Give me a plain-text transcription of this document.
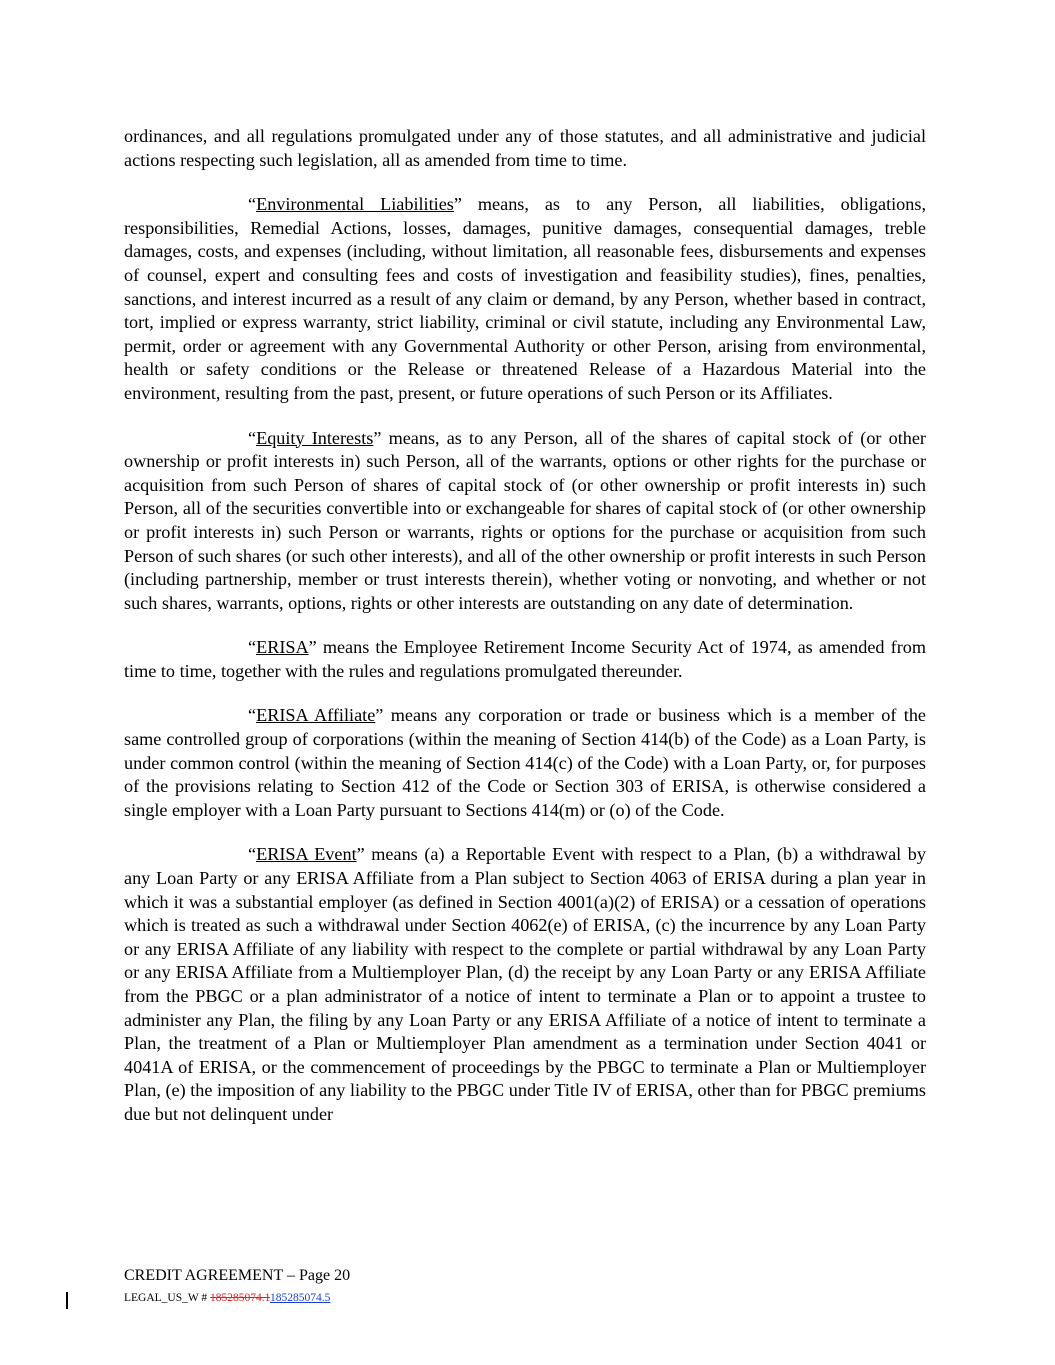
ordinances, and all regulations promulgated under any of those statutes, and all administrative and judicial actions respecting such legislation, all as amended from time to time.

“Environmental Liabilities” means, as to any Person, all liabilities, obligations, responsibilities, Remedial Actions, losses, damages, punitive damages, consequential damages, treble damages, costs, and expenses (including, without limitation, all reasonable fees, disbursements and expenses of counsel, expert and consulting fees and costs of investigation and feasibility studies), fines, penalties, sanctions, and interest incurred as a result of any claim or demand, by any Person, whether based in contract, tort, implied or express warranty, strict liability, criminal or civil statute, including any Environmental Law, permit, order or agreement with any Governmental Authority or other Person, arising from environmental, health or safety conditions or the Release or threatened Release of a Hazardous Material into the environment, resulting from the past, present, or future operations of such Person or its Affiliates.

“Equity Interests” means, as to any Person, all of the shares of capital stock of (or other ownership or profit interests in) such Person, all of the warrants, options or other rights for the purchase or acquisition from such Person of shares of capital stock of (or other ownership or profit interests in) such Person, all of the securities convertible into or exchangeable for shares of capital stock of (or other ownership or profit interests in) such Person or warrants, rights or options for the purchase or acquisition from such Person of such shares (or such other interests), and all of the other ownership or profit interests in such Person (including partnership, member or trust interests therein), whether voting or nonvoting, and whether or not such shares, warrants, options, rights or other interests are outstanding on any date of determination.

“ERISA” means the Employee Retirement Income Security Act of 1974, as amended from time to time, together with the rules and regulations promulgated thereunder.

“ERISA Affiliate” means any corporation or trade or business which is a member of the same controlled group of corporations (within the meaning of Section 414(b) of the Code) as a Loan Party, is under common control (within the meaning of Section 414(c) of the Code) with a Loan Party, or, for purposes of the provisions relating to Section 412 of the Code or Section 303 of ERISA, is otherwise considered a single employer with a Loan Party pursuant to Sections 414(m) or (o) of the Code.

“ERISA Event” means (a) a Reportable Event with respect to a Plan, (b) a withdrawal by any Loan Party or any ERISA Affiliate from a Plan subject to Section 4063 of ERISA during a plan year in which it was a substantial employer (as defined in Section 4001(a)(2) of ERISA) or a cessation of operations which is treated as such a withdrawal under Section 4062(e) of ERISA, (c) the incurrence by any Loan Party or any ERISA Affiliate of any liability with respect to the complete or partial withdrawal by any Loan Party or any ERISA Affiliate from a Multiemployer Plan, (d) the receipt by any Loan Party or any ERISA Affiliate from the PBGC or a plan administrator of a notice of intent to terminate a Plan or to appoint a trustee to administer any Plan, the filing by any Loan Party or any ERISA Affiliate of a notice of intent to terminate a Plan, the treatment of a Plan or Multiemployer Plan amendment as a termination under Section 4041 or 4041A of ERISA, or the commencement of proceedings by the PBGC to terminate a Plan or Multiemployer Plan, (e) the imposition of any liability to the PBGC under Title IV of ERISA, other than for PBGC premiums due but not delinquent under

CREDIT AGREEMENT – Page 20
LEGAL_US_W # 185285074.1185285074.5
